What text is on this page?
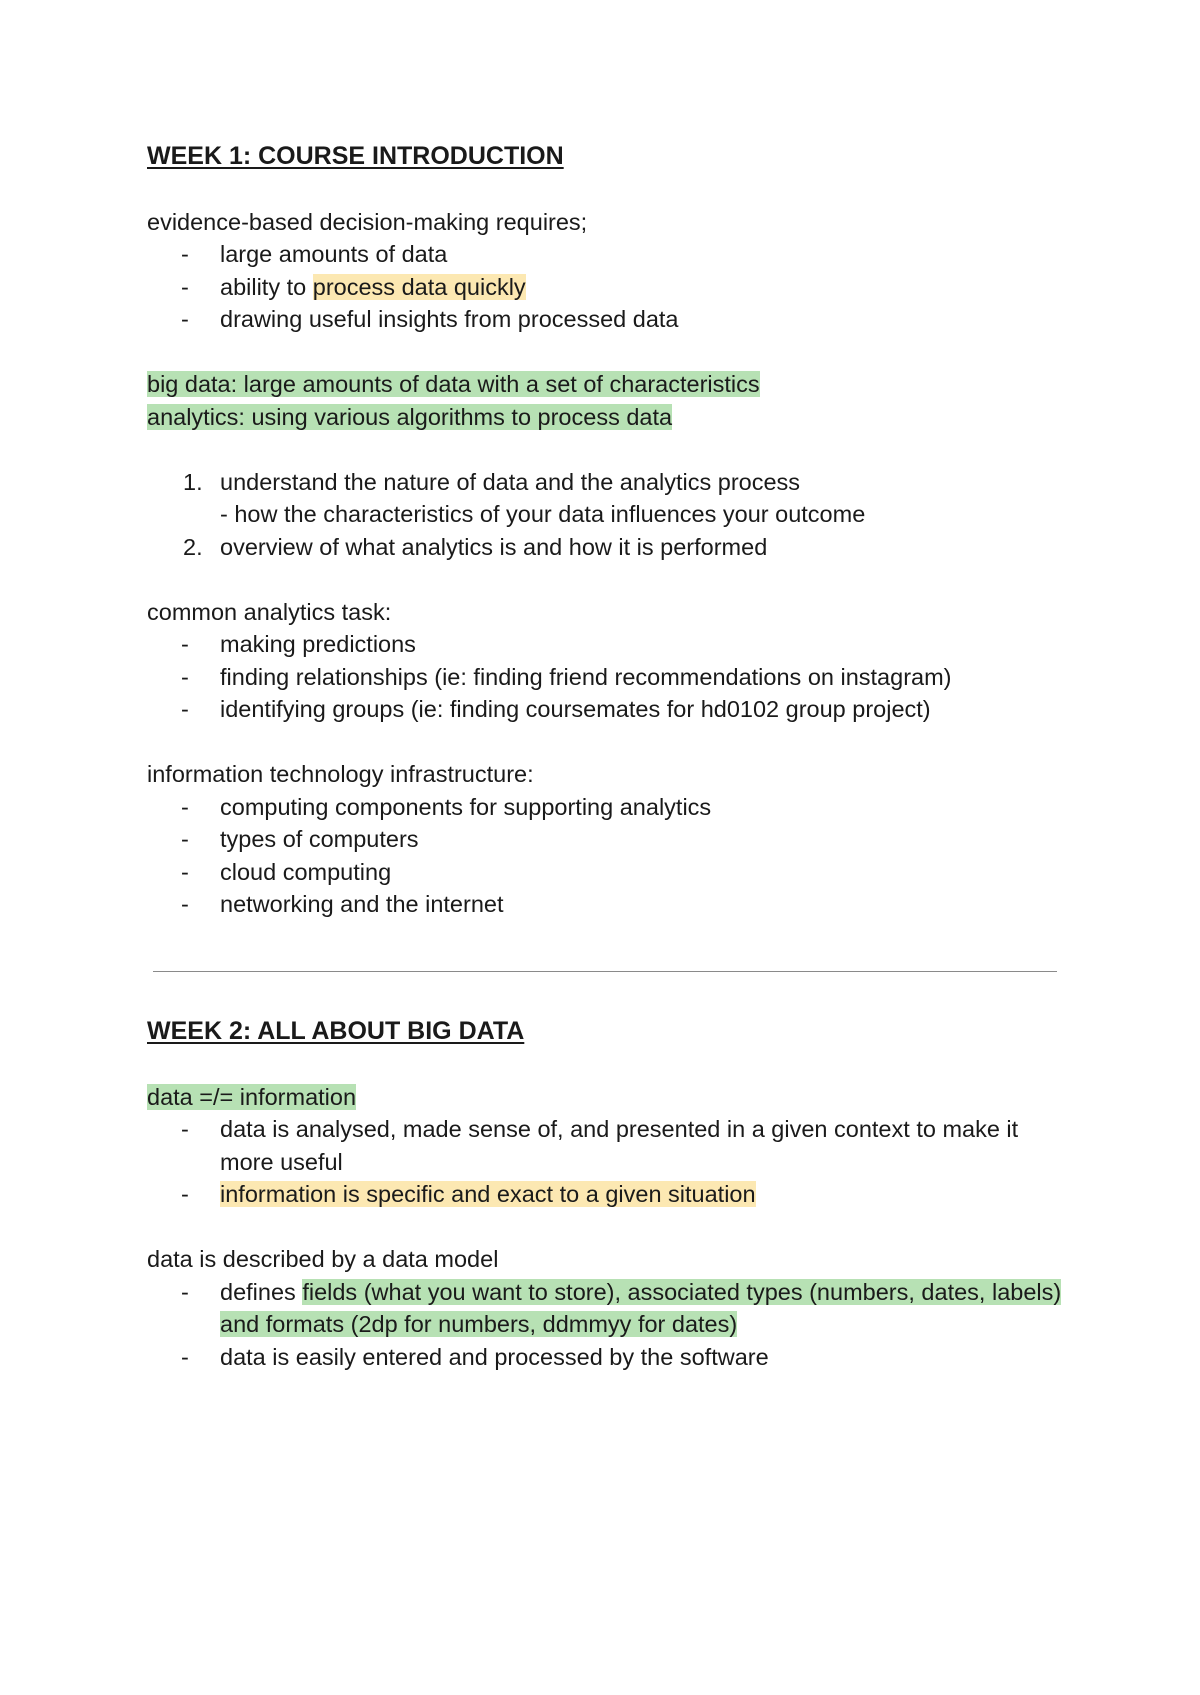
WEEK 1: COURSE INTRODUCTION

evidence-based decision-making requires;

- large amounts of data

- ability to process data quickly

- drawing useful insights from processed data

big data: large amounts of data with a set of characteristics

analytics: using various algorithms to process data

1. understand the nature of data and the analytics process

- how the characteristics of your data influences your outcome

2. overview of what analytics is and how it is performed

common analytics task:

- making predictions

- finding relationships (ie: finding friend recommendations on instagram)

- identifying groups (ie: finding coursemates for hd0102 group project)

information technology infrastructure:

- computing components for supporting analytics

- types of computers

- cloud computing

- networking and the internet

WEEK 2: ALL ABOUT BIG DATA

data =/= information

- data is analysed, made sense of, and presented in a given context to make it more useful

- information is specific and exact to a given situation

data is described by a data model

- defines fields (what you want to store), associated types (numbers, dates, labels) and formats (2dp for numbers, ddmmyy for dates)

- data is easily entered and processed by the software
